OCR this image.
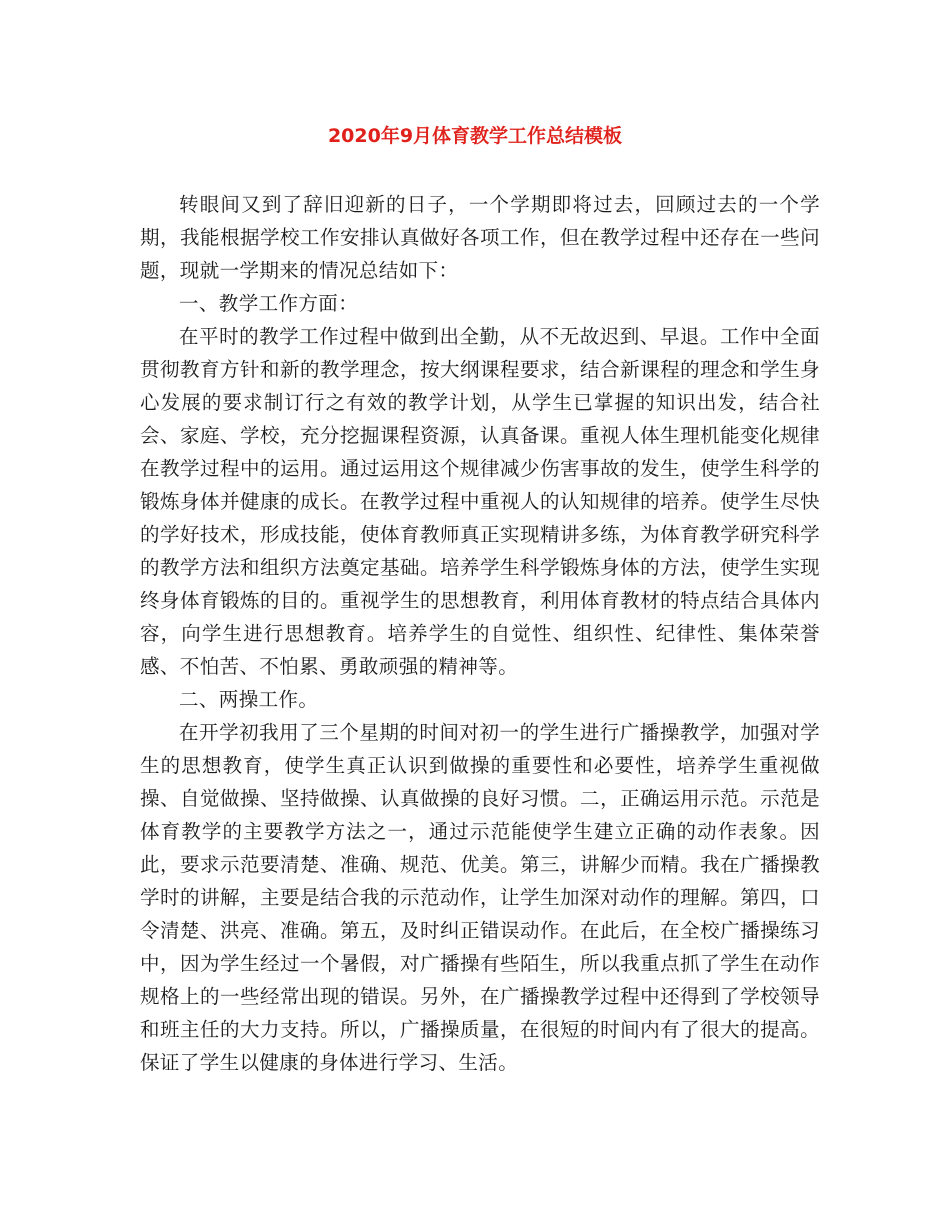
2020年9月体育教学工作总结模板

转眼间又到了辞旧迎新的日子，一个学期即将过去，回顾过去的一个学期，我能根据学校工作安排认真做好各项工作，但在教学过程中还存在一些问题，现就一学期来的情况总结如下：

一、教学工作方面：

在平时的教学工作过程中做到出全勤，从不无故迟到、早退。工作中全面贯彻教育方针和新的教学理念，按大纲课程要求，结合新课程的理念和学生身心发展的要求制订行之有效的教学计划，从学生已掌握的知识出发，结合社会、家庭、学校，充分挖掘课程资源，认真备课。重视人体生理机能变化规律在教学过程中的运用。通过运用这个规律减少伤害事故的发生，使学生科学的锻炼身体并健康的成长。在教学过程中重视人的认知规律的培养。使学生尽快的学好技术，形成技能，使体育教师真正实现精讲多练，为体育教学研究科学的教学方法和组织方法奠定基础。培养学生科学锻炼身体的方法，使学生实现终身体育锻炼的目的。重视学生的思想教育，利用体育教材的特点结合具体内容，向学生进行思想教育。培养学生的自觉性、组织性、纪律性、集体荣誉感、不怕苦、不怕累、勇敢顽强的精神等。

二、两操工作。

在开学初我用了三个星期的时间对初一的学生进行广播操教学，加强对学生的思想教育，使学生真正认识到做操的重要性和必要性，培养学生重视做操、自觉做操、坚持做操、认真做操的良好习惯。二，正确运用示范。示范是体育教学的主要教学方法之一，通过示范能使学生建立正确的动作表象。因此，要求示范要清楚、准确、规范、优美。第三，讲解少而精。我在广播操教学时的讲解，主要是结合我的示范动作，让学生加深对动作的理解。第四，口令清楚、洪亮、准确。第五，及时纠正错误动作。在此后，在全校广播操练习中，因为学生经过一个暑假，对广播操有些陌生，所以我重点抓了学生在动作规格上的一些经常出现的错误。另外，在广播操教学过程中还得到了学校领导和班主任的大力支持。所以，广播操质量，在很短的时间内有了很大的提高。保证了学生以健康的身体进行学习、生活。
